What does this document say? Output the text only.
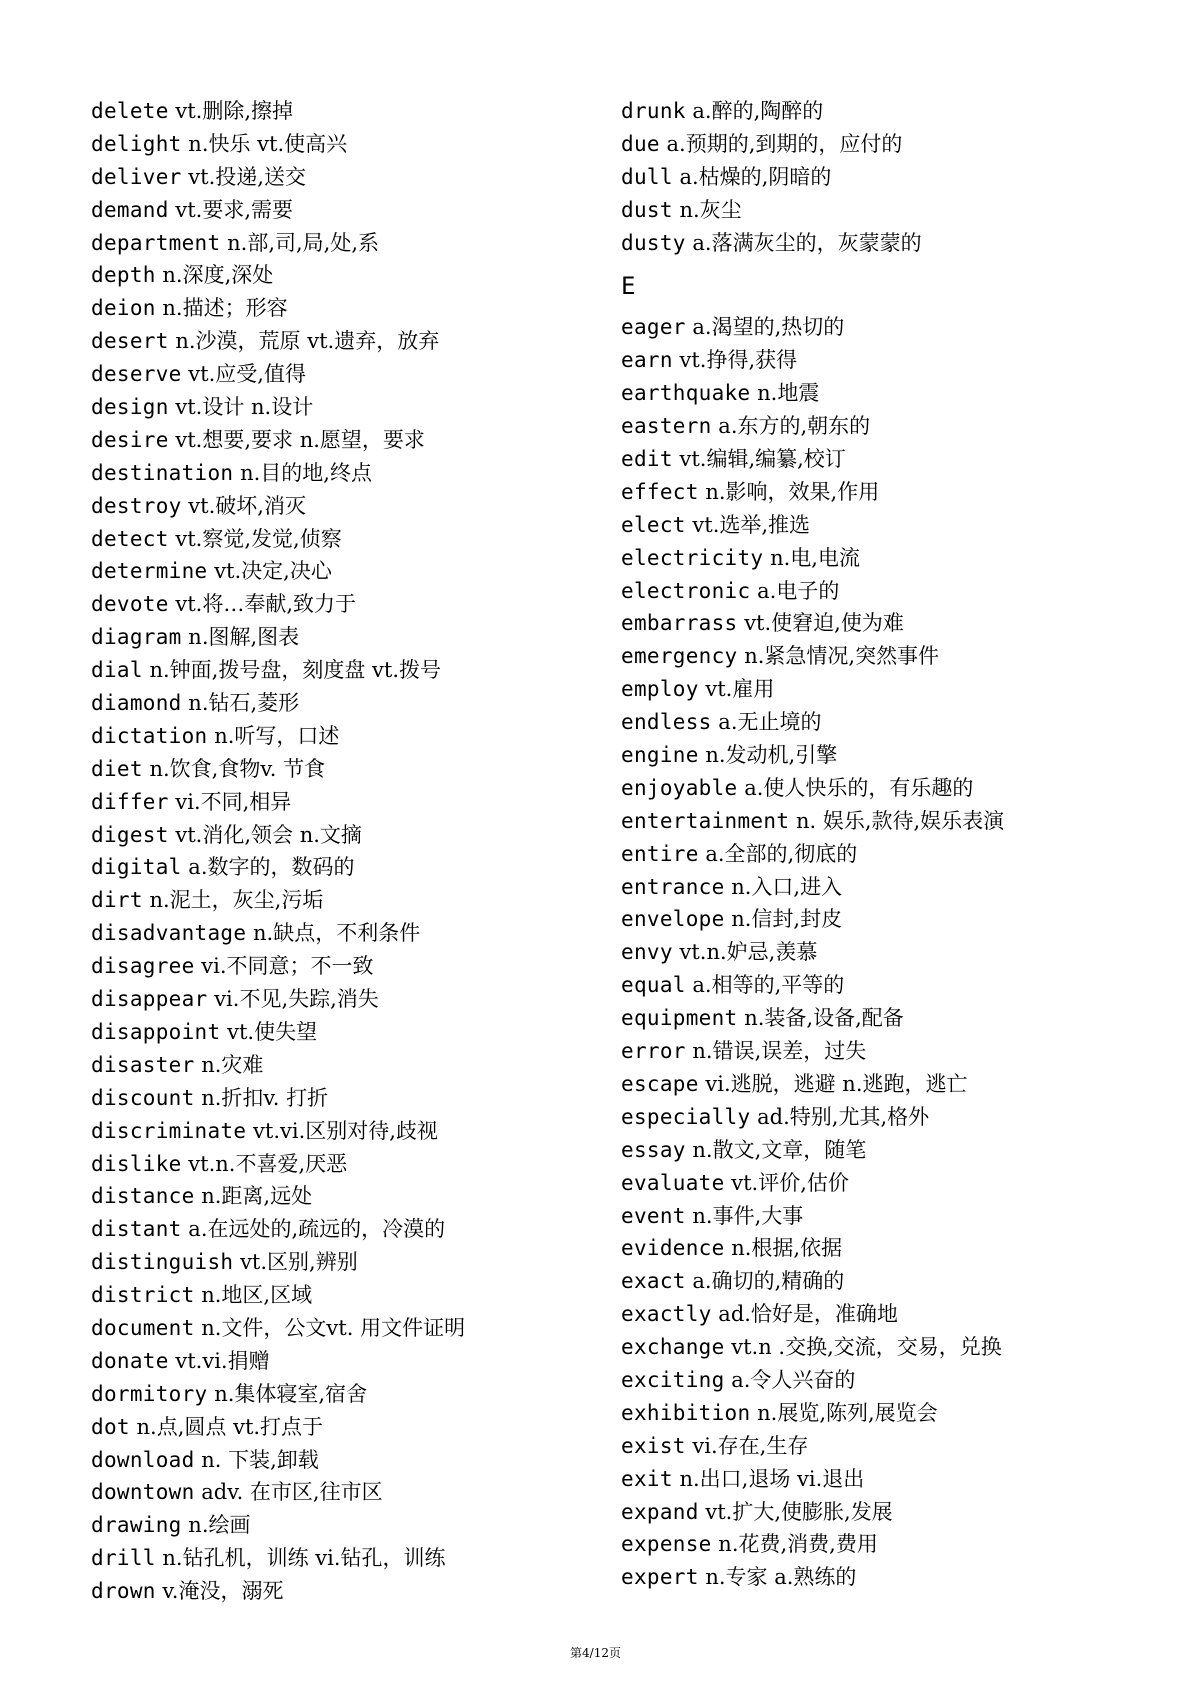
delete vt.删除,擦掉
delight n.快乐 vt.使高兴
deliver vt.投递,送交
demand vt.要求,需要
department n.部,司,局,处,系
depth n.深度,深处
deion n.描述；形容
desert n.沙漠，荒原 vt.遗弃，放弃
deserve vt.应受,值得
design vt.设计 n.设计
desire vt.想要,要求 n.愿望，要求
destination n.目的地,终点
destroy vt.破坏,消灭
detect vt.察觉,发觉,侦察
determine vt.决定,决心
devote vt.将…奉献,致力于
diagram n.图解,图表
dial n.钟面,拨号盘，刻度盘 vt.拨号
diamond n.钻石,菱形
dictation n.听写，口述
diet n.饮食,食物v. 节食
differ vi.不同,相异
digest vt.消化,领会 n.文摘
digital a.数字的，数码的
dirt n.泥土，灰尘,污垢
disadvantage n.缺点，不利条件
disagree vi.不同意；不一致
disappear vi.不见,失踪,消失
disappoint vt.使失望
disaster n.灾难
discount n.折扣v. 打折
discriminate vt.vi.区别对待,歧视
dislike vt.n.不喜爱,厌恶
distance n.距离,远处
distant a.在远处的,疏远的，冷漠的
distinguish vt.区别,辨别
district n.地区,区域
document n.文件，公文vt. 用文件证明
donate vt.vi.捐赠
dormitory n.集体寝室,宿舍
dot n.点,圆点 vt.打点于
download n. 下装,卸载
downtown adv. 在市区,往市区
drawing n.绘画
drill n.钻孔机，训练 vi.钻孔，训练
drown v.淹没，溺死
drunk a.醉的,陶醉的
due a.预期的,到期的，应付的
dull a.枯燥的,阴暗的
dust n.灰尘
dusty a.落满灰尘的，灰蒙蒙的
E
eager a.渴望的,热切的
earn vt.挣得,获得
earthquake n.地震
eastern a.东方的,朝东的
edit vt.编辑,编纂,校订
effect n.影响，效果,作用
elect vt.选举,推选
electricity n.电,电流
electronic a.电子的
embarrass vt.使窘迫,使为难
emergency n.紧急情况,突然事件
employ vt.雇用
endless a.无止境的
engine n.发动机,引擎
enjoyable a.使人快乐的，有乐趣的
entertainment n. 娱乐,款待,娱乐表演
entire a.全部的,彻底的
entrance n.入口,进入
envelope n.信封,封皮
envy vt.n.妒忌,羡慕
equal a.相等的,平等的
equipment n.装备,设备,配备
error n.错误,误差，过失
escape vi.逃脱，逃避 n.逃跑，逃亡
especially ad.特别,尤其,格外
essay n.散文,文章，随笔
evaluate vt.评价,估价
event n.事件,大事
evidence n.根据,依据
exact a.确切的,精确的
exactly ad.恰好是，准确地
exchange vt.n .交换,交流，交易，兑换
exciting a.令人兴奋的
exhibition n.展览,陈列,展览会
exist vi.存在,生存
exit n.出口,退场 vi.退出
expand vt.扩大,使膨胀,发展
expense n.花费,消费,费用
expert n.专家 a.熟练的
第4/12页
